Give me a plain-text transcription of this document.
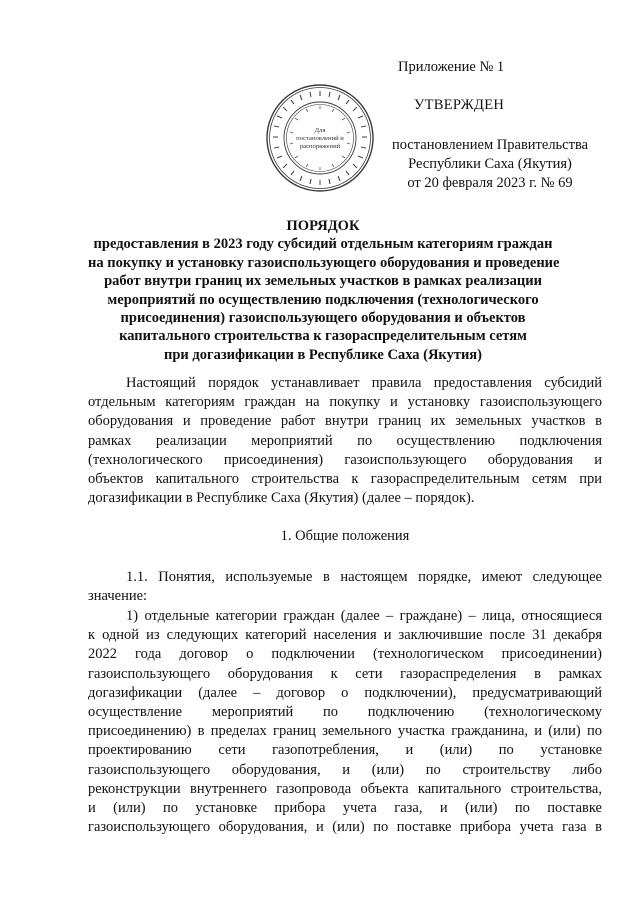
Приложение № 1
УТВЕРЖДЕН
постановлением Правительства
Республики Саха (Якутия)
от 20 февраля 2023 г. № 69
Для
постановлений и
распоряжений
ПОРЯДОК
предоставления в 2023 году субсидий отдельным категориям граждан
на покупку и установку газоиспользующего оборудования и проведение
работ внутри границ их земельных участков в рамках реализации
мероприятий по осуществлению подключения (технологического
присоединения) газоиспользующего оборудования и объектов
капитального строительства к газораспределительным сетям
при догазификации в Республике Саха (Якутия)
Настоящий порядок устанавливает правила предоставления субсидий
отдельным категориям граждан на покупку и установку газоиспользующего
оборудования и проведение работ внутри границ их земельных участков в
рамках реализации мероприятий по осуществлению подключения
(технологического присоединения) газоиспользующего оборудования и
объектов капитального строительства к газораспределительным сетям при
догазификации в Республике Саха (Якутия) (далее – порядок).
1. Общие положения
1.1. Понятия, используемые в настоящем порядке, имеют следующее
значение:
1) отдельные категории граждан (далее – граждане) – лица, относящиеся
к одной из следующих категорий населения и заключившие после 31 декабря
2022 года договор о подключении (технологическом присоединении)
газоиспользующего оборудования к сети газораспределения в рамках
догазификации (далее – договор о подключении), предусматривающий
осуществление мероприятий по подключению (технологическому
присоединению) в пределах границ земельного участка гражданина, и (или) по
проектированию сети газопотребления, и (или) по установке
газоиспользующего оборудования, и (или) по строительству либо
реконструкции внутреннего газопровода объекта капитального строительства,
и (или) по установке прибора учета газа, и (или) по поставке
газоиспользующего оборудования, и (или) по поставке прибора учета газа в
